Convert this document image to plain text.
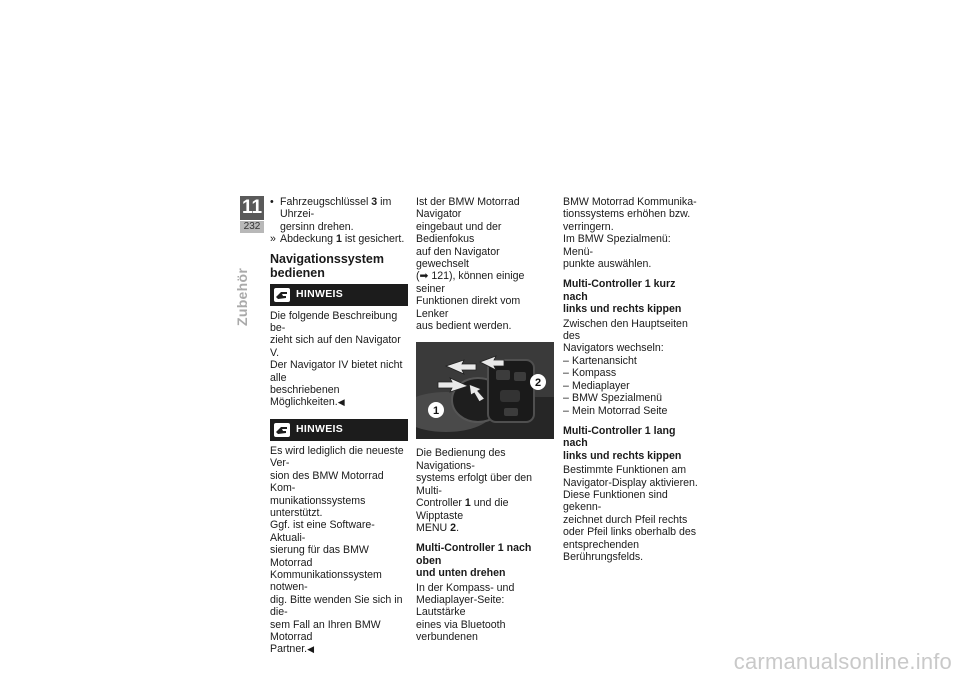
11
232
Zubehör
• Fahrzeugschlüssel 3 im Uhrzei-
gersinn drehen.
» Abdeckung 1 ist gesichert.
Navigationssystem
bedienen
HINWEIS
Die folgende Beschreibung be-
zieht sich auf den Navigator V.
Der Navigator IV bietet nicht alle
beschriebenen Möglichkeiten.◀
HINWEIS
Es wird lediglich die neueste Ver-
sion des BMW Motorrad Kom-
munikationssystems unterstützt.
Ggf. ist eine Software-Aktuali-
sierung für das BMW Motorrad
Kommunikationssystem notwen-
dig. Bitte wenden Sie sich in die-
sem Fall an Ihren BMW Motorrad
Partner.◀
Ist der BMW Motorrad Navigator
eingebaut und der Bedienfokus
auf den Navigator gewechselt
(➡ 121), können einige seiner
Funktionen direkt vom Lenker
aus bedient werden.
1
2
Die Bedienung des Navigations-
systems erfolgt über den Multi-
Controller 1 und die Wipptaste
MENU 2.
Multi-Controller 1 nach oben
und unten drehen
In der Kompass- und
Mediaplayer-Seite: Lautstärke
eines via Bluetooth verbundenen
BMW Motorrad Kommunika-
tionssystems erhöhen bzw.
verringern.
Im BMW Spezialmenü: Menü-
punkte auswählen.
Multi-Controller 1 kurz nach
links und rechts kippen
Zwischen den Hauptseiten des
Navigators wechseln:
– Kartenansicht
– Kompass
– Mediaplayer
– BMW Spezialmenü
– Mein Motorrad Seite
Multi-Controller 1 lang nach
links und rechts kippen
Bestimmte Funktionen am
Navigator-Display aktivieren.
Diese Funktionen sind gekenn-
zeichnet durch Pfeil rechts
oder Pfeil links oberhalb des
entsprechenden Berührungsfelds.
carmanualsonline.info
